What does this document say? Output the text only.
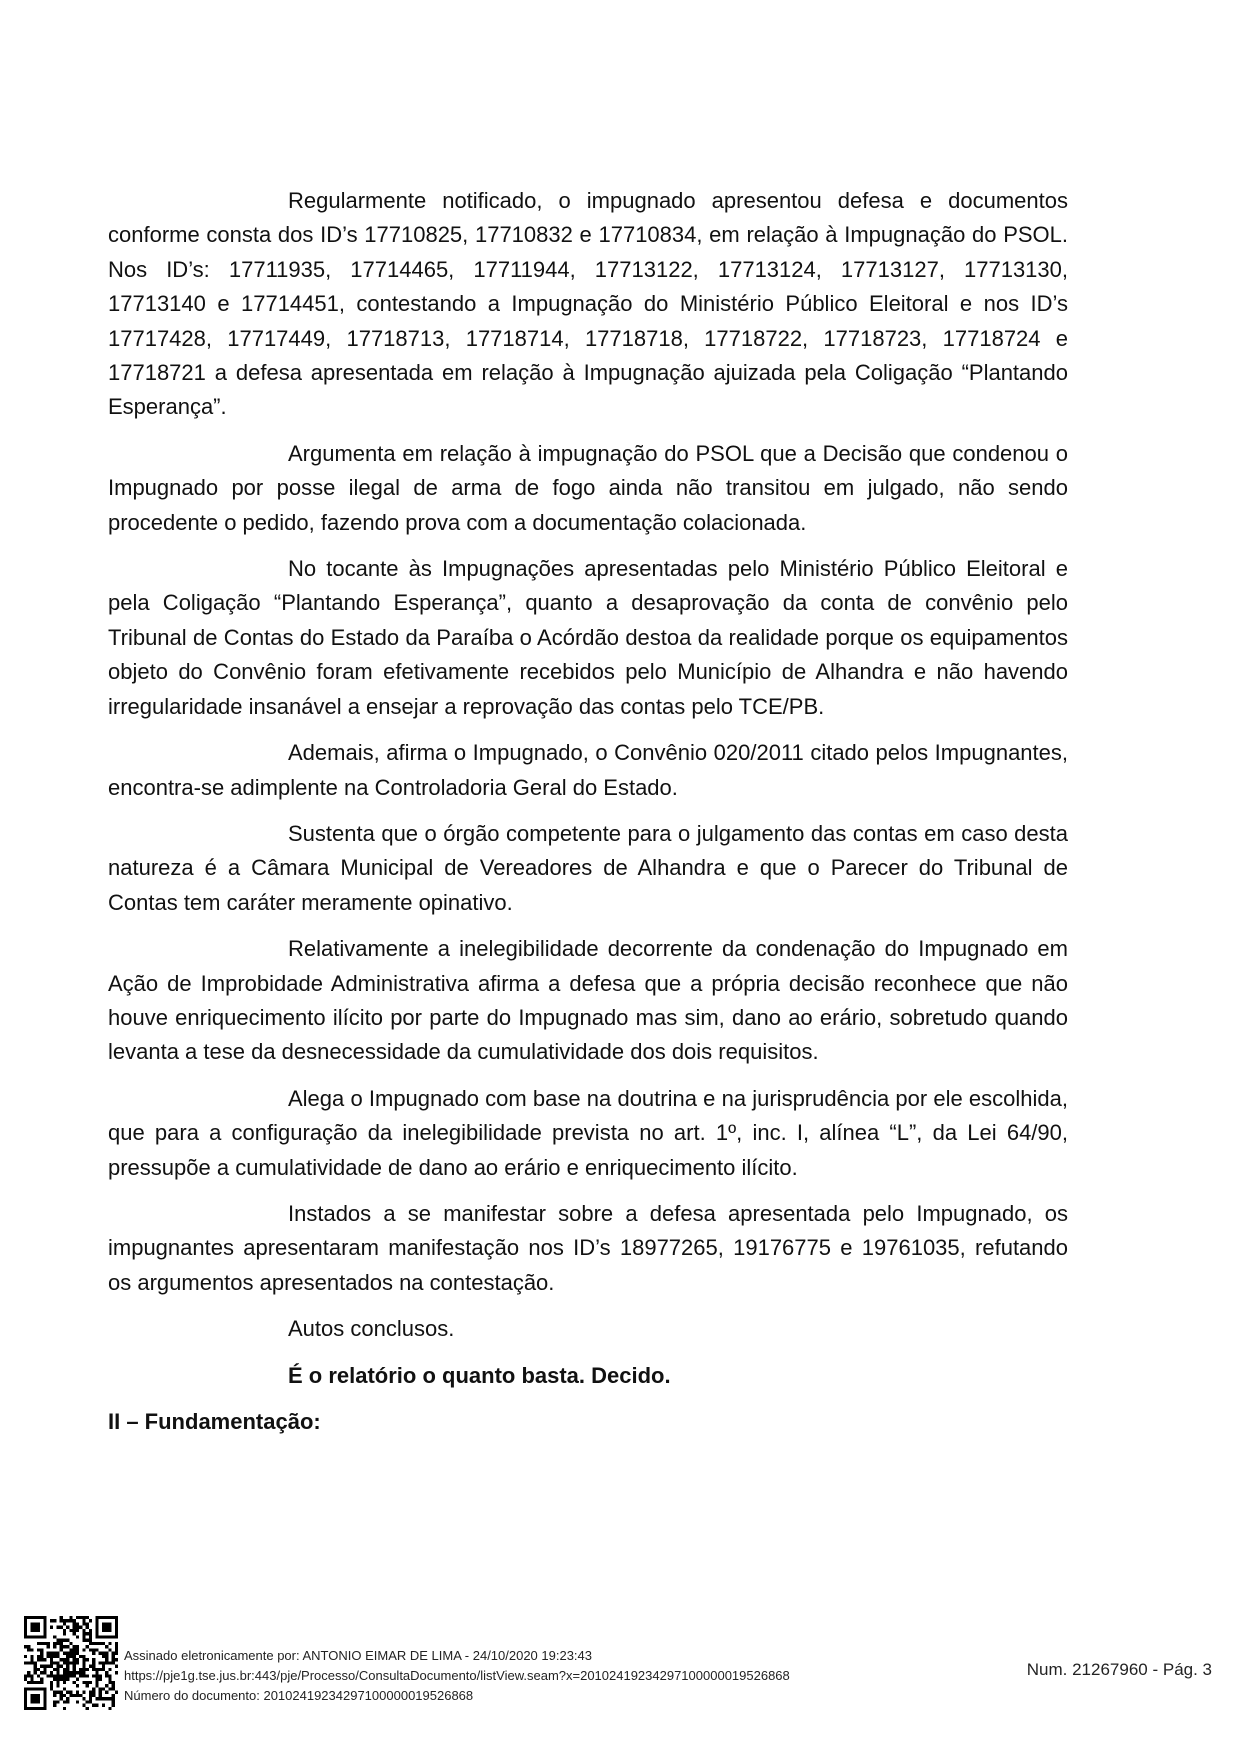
Regularmente notificado, o impugnado apresentou defesa e documentos conforme consta dos ID’s 17710825, 17710832 e 17710834, em relação à Impugnação do PSOL. Nos ID’s: 17711935, 17714465, 17711944, 17713122, 17713124, 17713127, 17713130, 17713140 e 17714451, contestando a Impugnação do Ministério Público Eleitoral e nos ID’s 17717428, 17717449, 17718713, 17718714, 17718718, 17718722, 17718723, 17718724 e 17718721 a defesa apresentada em relação à Impugnação ajuizada pela Coligação “Plantando Esperança”.

Argumenta em relação à impugnação do PSOL que a Decisão que condenou o Impugnado por posse ilegal de arma de fogo ainda não transitou em julgado, não sendo procedente o pedido, fazendo prova com a documentação colacionada.

No tocante às Impugnações apresentadas pelo Ministério Público Eleitoral e pela Coligação “Plantando Esperança”, quanto a desaprovação da conta de convênio pelo Tribunal de Contas do Estado da Paraíba o Acórdão destoa da realidade porque os equipamentos objeto do Convênio foram efetivamente recebidos pelo Município de Alhandra e não havendo irregularidade insanável a ensejar a reprovação das contas pelo TCE/PB.

Ademais, afirma o Impugnado, o Convênio 020/2011 citado pelos Impugnantes, encontra-se adimplente na Controladoria Geral do Estado.

Sustenta que o órgão competente para o julgamento das contas em caso desta natureza é a Câmara Municipal de Vereadores de Alhandra e que o Parecer do Tribunal de Contas tem caráter meramente opinativo.

Relativamente a inelegibilidade decorrente da condenação do Impugnado em Ação de Improbidade Administrativa afirma a defesa que a própria decisão reconhece que não houve enriquecimento ilícito por parte do Impugnado mas sim, dano ao erário, sobretudo quando levanta a tese da desnecessidade da cumulatividade dos dois requisitos.

Alega o Impugnado com base na doutrina e na jurisprudência por ele escolhida, que para a configuração da inelegibilidade prevista no art. 1º, inc. I, alínea “L”, da Lei 64/90, pressupõe a cumulatividade de dano ao erário e enriquecimento ilícito.

Instados a se manifestar sobre a defesa apresentada pelo Impugnado, os impugnantes apresentaram manifestação nos ID’s 18977265, 19176775 e 19761035, refutando os argumentos apresentados na contestação.

Autos conclusos.

É o relatório o quanto basta. Decido.

II – Fundamentação:

Assinado eletronicamente por: ANTONIO EIMAR DE LIMA - 24/10/2020 19:23:43
https://pje1g.tse.jus.br:443/pje/Processo/ConsultaDocumento/listView.seam?x=20102419234297100000019526868
Número do documento: 20102419234297100000019526868
Num. 21267960 - Pág. 3
